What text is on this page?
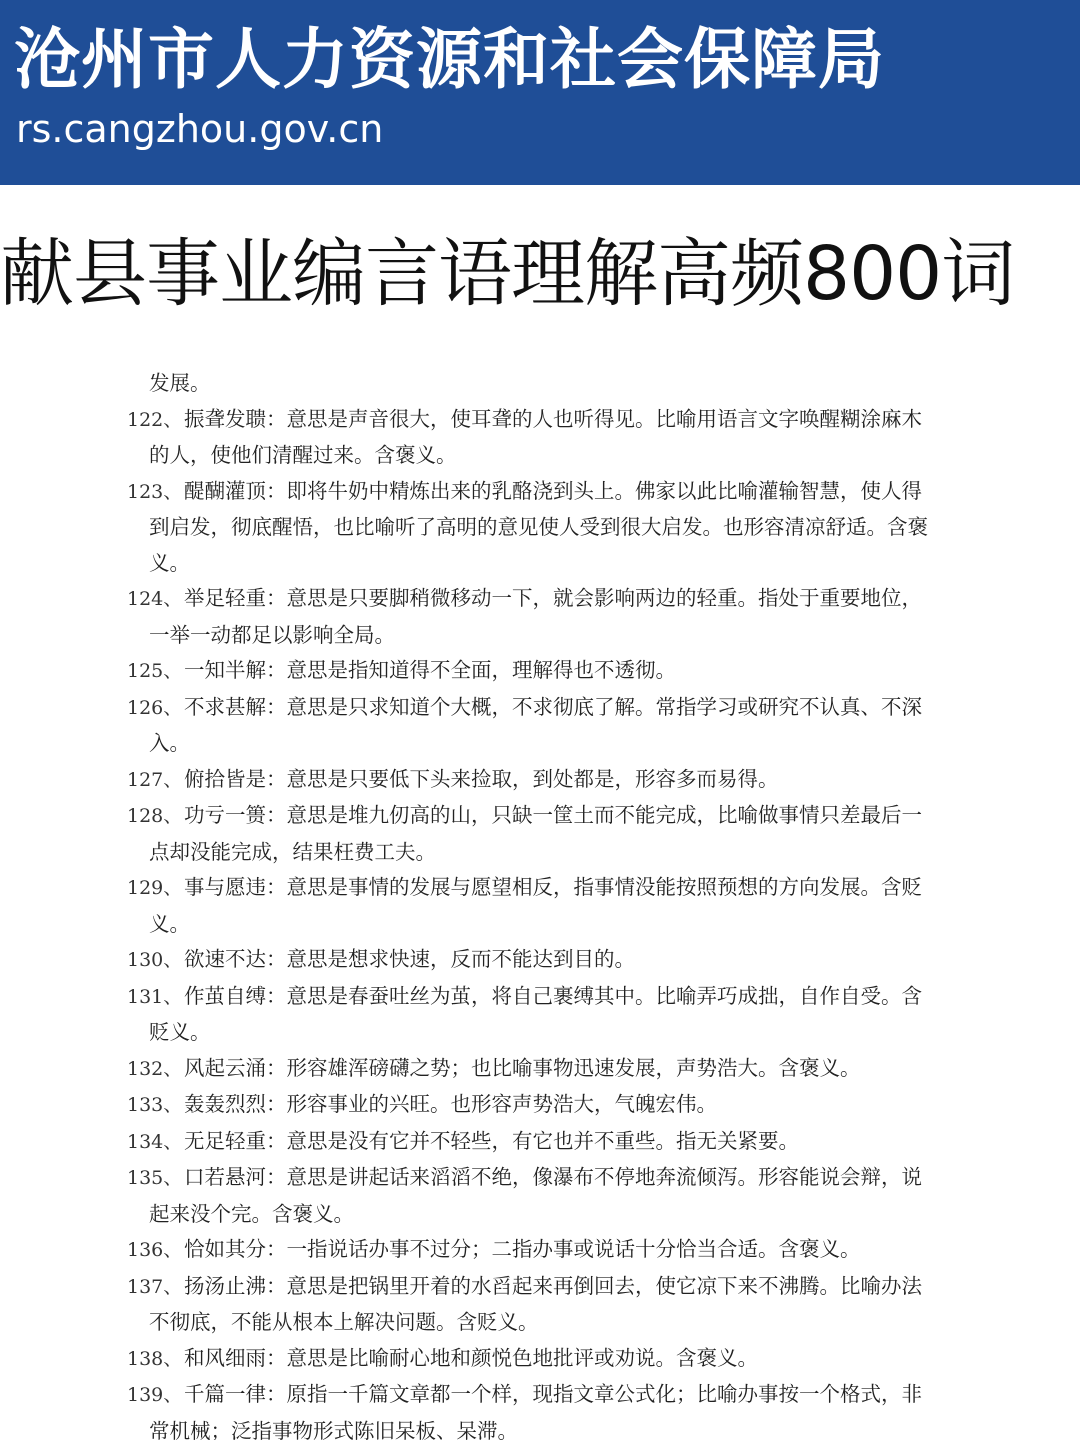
沧州市人力资源和社会保障局
rs.cangzhou.gov.cn
献县事业编言语理解高频800词
发展。
122、振聋发聩：意思是声音很大，使耳聋的人也听得见。比喻用语言文字唤醒糊涂麻木
的人，使他们清醒过来。含褒义。
123、醍醐灌顶：即将牛奶中精炼出来的乳酪浇到头上。佛家以此比喻灌输智慧，使人得
到启发，彻底醒悟，也比喻听了高明的意见使人受到很大启发。也形容清凉舒适。含褒
义。
124、举足轻重：意思是只要脚稍微移动一下，就会影响两边的轻重。指处于重要地位，
一举一动都足以影响全局。
125、一知半解：意思是指知道得不全面，理解得也不透彻。
126、不求甚解：意思是只求知道个大概，不求彻底了解。常指学习或研究不认真、不深
入。
127、俯拾皆是：意思是只要低下头来捡取，到处都是，形容多而易得。
128、功亏一篑：意思是堆九仞高的山，只缺一筐土而不能完成，比喻做事情只差最后一
点却没能完成，结果枉费工夫。
129、事与愿违：意思是事情的发展与愿望相反，指事情没能按照预想的方向发展。含贬
义。
130、欲速不达：意思是想求快速，反而不能达到目的。
131、作茧自缚：意思是春蚕吐丝为茧，将自己裹缚其中。比喻弄巧成拙，自作自受。含
贬义。
132、风起云涌：形容雄浑磅礴之势；也比喻事物迅速发展，声势浩大。含褒义。
133、轰轰烈烈：形容事业的兴旺。也形容声势浩大，气魄宏伟。
134、无足轻重：意思是没有它并不轻些，有它也并不重些。指无关紧要。
135、口若悬河：意思是讲起话来滔滔不绝，像瀑布不停地奔流倾泻。形容能说会辩，说
起来没个完。含褒义。
136、恰如其分：一指说话办事不过分；二指办事或说话十分恰当合适。含褒义。
137、扬汤止沸：意思是把锅里开着的水舀起来再倒回去，使它凉下来不沸腾。比喻办法
不彻底，不能从根本上解决问题。含贬义。
138、和风细雨：意思是比喻耐心地和颜悦色地批评或劝说。含褒义。
139、千篇一律：原指一千篇文章都一个样，现指文章公式化；比喻办事按一个格式，非
常机械；泛指事物形式陈旧呆板、呆滞。
